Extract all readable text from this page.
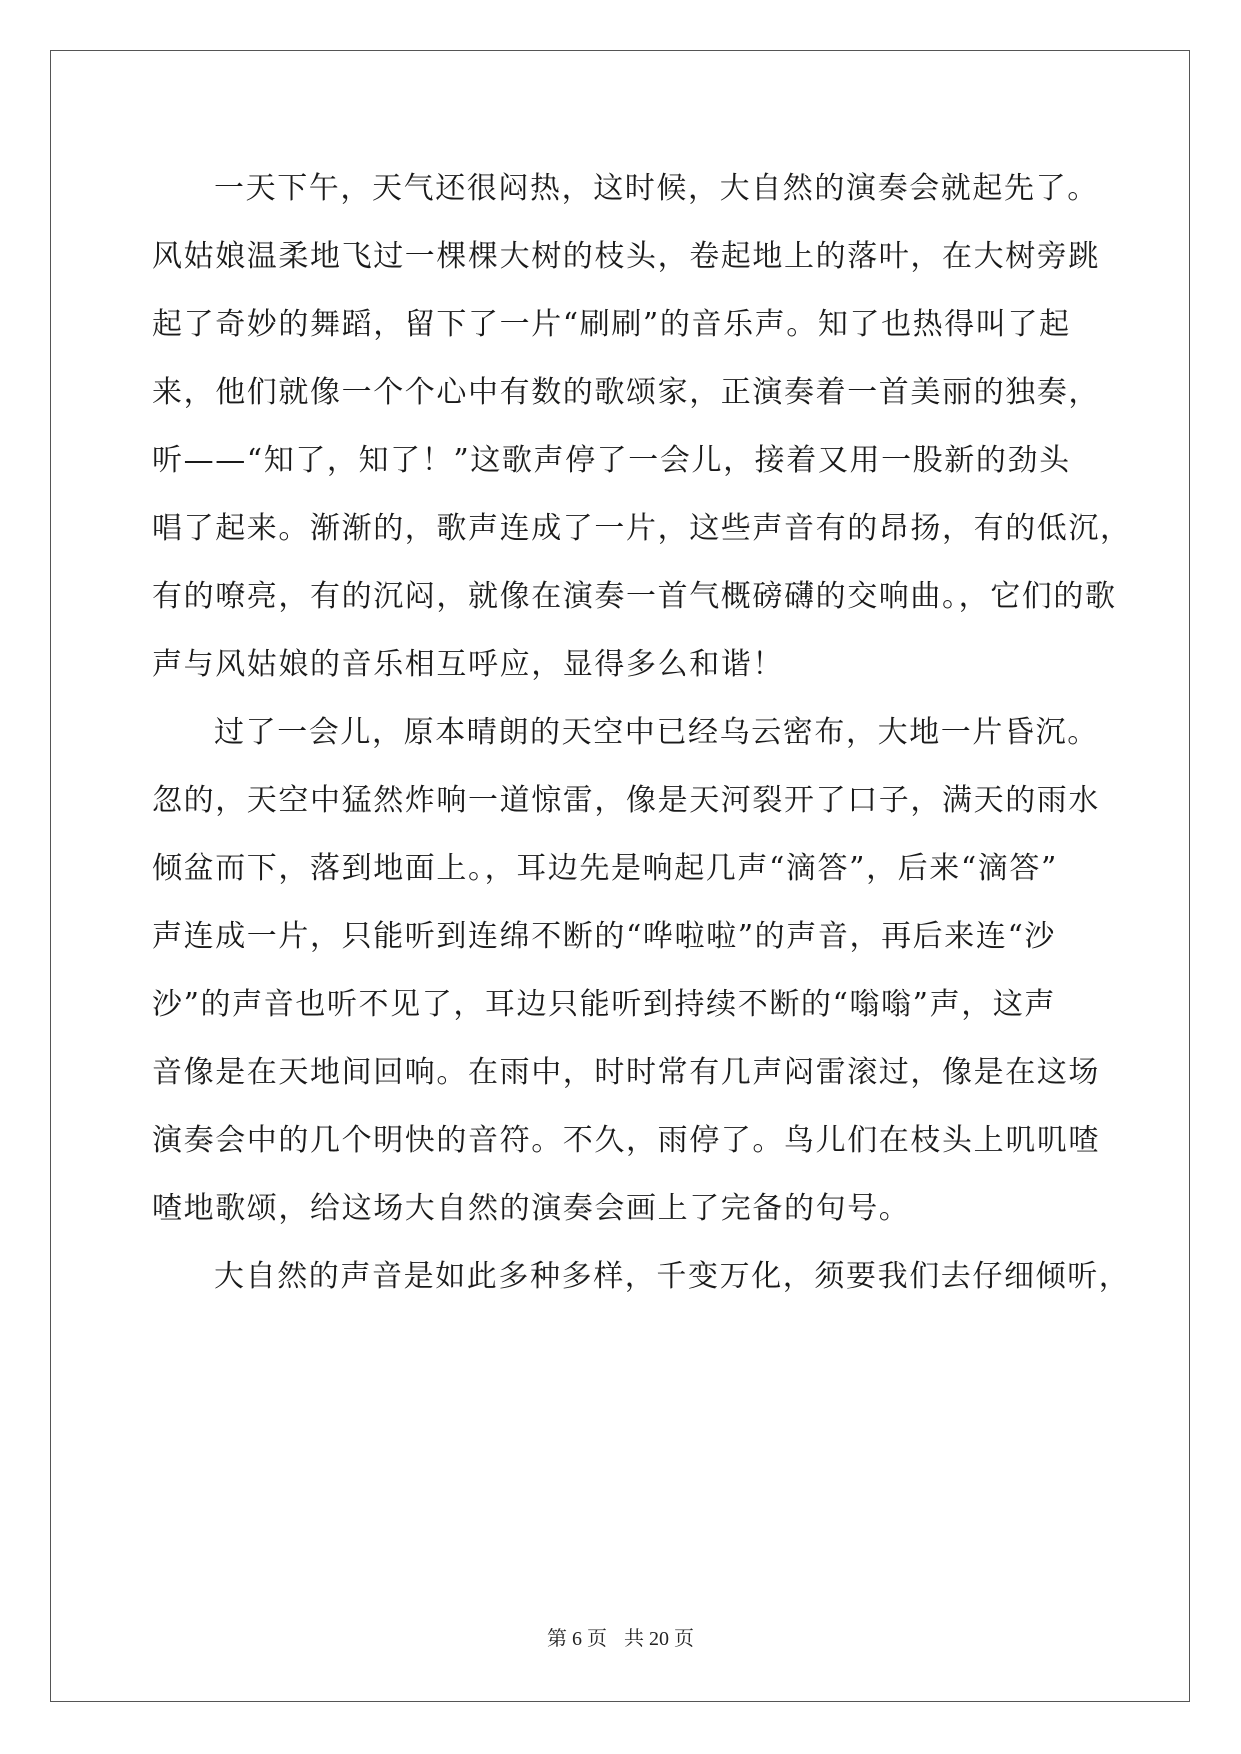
一天下午，天气还很闷热，这时候，大自然的演奏会就起先了。
风姑娘温柔地飞过一棵棵大树的枝头，卷起地上的落叶，在大树旁跳
起了奇妙的舞蹈，留下了一片“刷刷”的音乐声。知了也热得叫了起
来，他们就像一个个心中有数的歌颂家，正演奏着一首美丽的独奏，
听——“知了，知了！”这歌声停了一会儿，接着又用一股新的劲头
唱了起来。渐渐的，歌声连成了一片，这些声音有的昂扬，有的低沉，
有的嘹亮，有的沉闷，就像在演奏一首气概磅礴的交响曲。，它们的歌
声与风姑娘的音乐相互呼应，显得多么和谐！
过了一会儿，原本晴朗的天空中已经乌云密布，大地一片昏沉。
忽的，天空中猛然炸响一道惊雷，像是天河裂开了口子，满天的雨水
倾盆而下，落到地面上。，耳边先是响起几声“滴答”，后来“滴答”
声连成一片，只能听到连绵不断的“哗啦啦”的声音，再后来连“沙
沙”的声音也听不见了，耳边只能听到持续不断的“嗡嗡”声，这声
音像是在天地间回响。在雨中，时时常有几声闷雷滚过，像是在这场
演奏会中的几个明快的音符。不久，雨停了。鸟儿们在枝头上叽叽喳
喳地歌颂，给这场大自然的演奏会画上了完备的句号。
大自然的声音是如此多种多样，千变万化，须要我们去仔细倾听，
第 6 页 共 20 页
